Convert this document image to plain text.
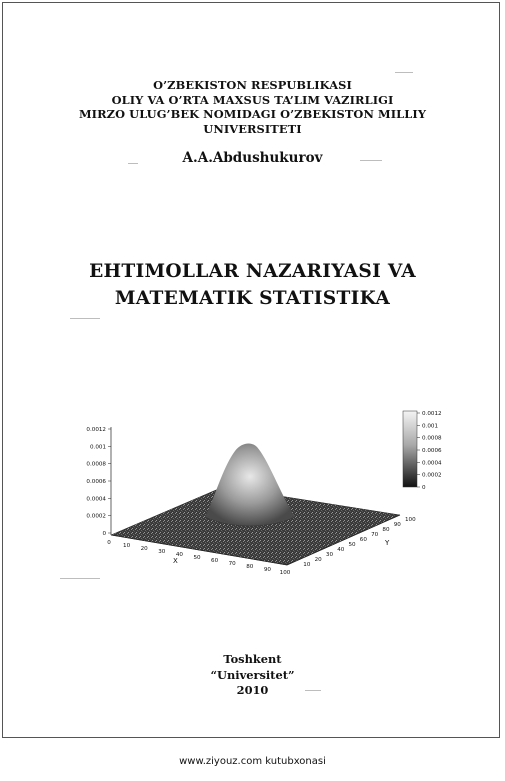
O’ZBEKISTON RESPUBLIKASI
OLIY VA O’RTA MAXSUS TA’LIM VAZIRLIGI
MIRZO ULUG’BEK NOMIDAGI O’ZBEKISTON MILLIY
UNIVERSITETI
A.A.Abdushukurov
EHTIMOLLAR NAZARIYASI VA
MATEMATIK STATISTIKA
0.0012
0.001
0.0008
0.0006
0.0004
0.0002
0
0 10 20 30 40 50 60 70 80 90 100
10
20
30
40
50
60
70
80
90
100
X
Y
0.0012
0.001
0.0008
0.0006
0.0004
0.0002
0
Toshkent
“Universitet”
2010
www.ziyouz.com kutubxonasi
